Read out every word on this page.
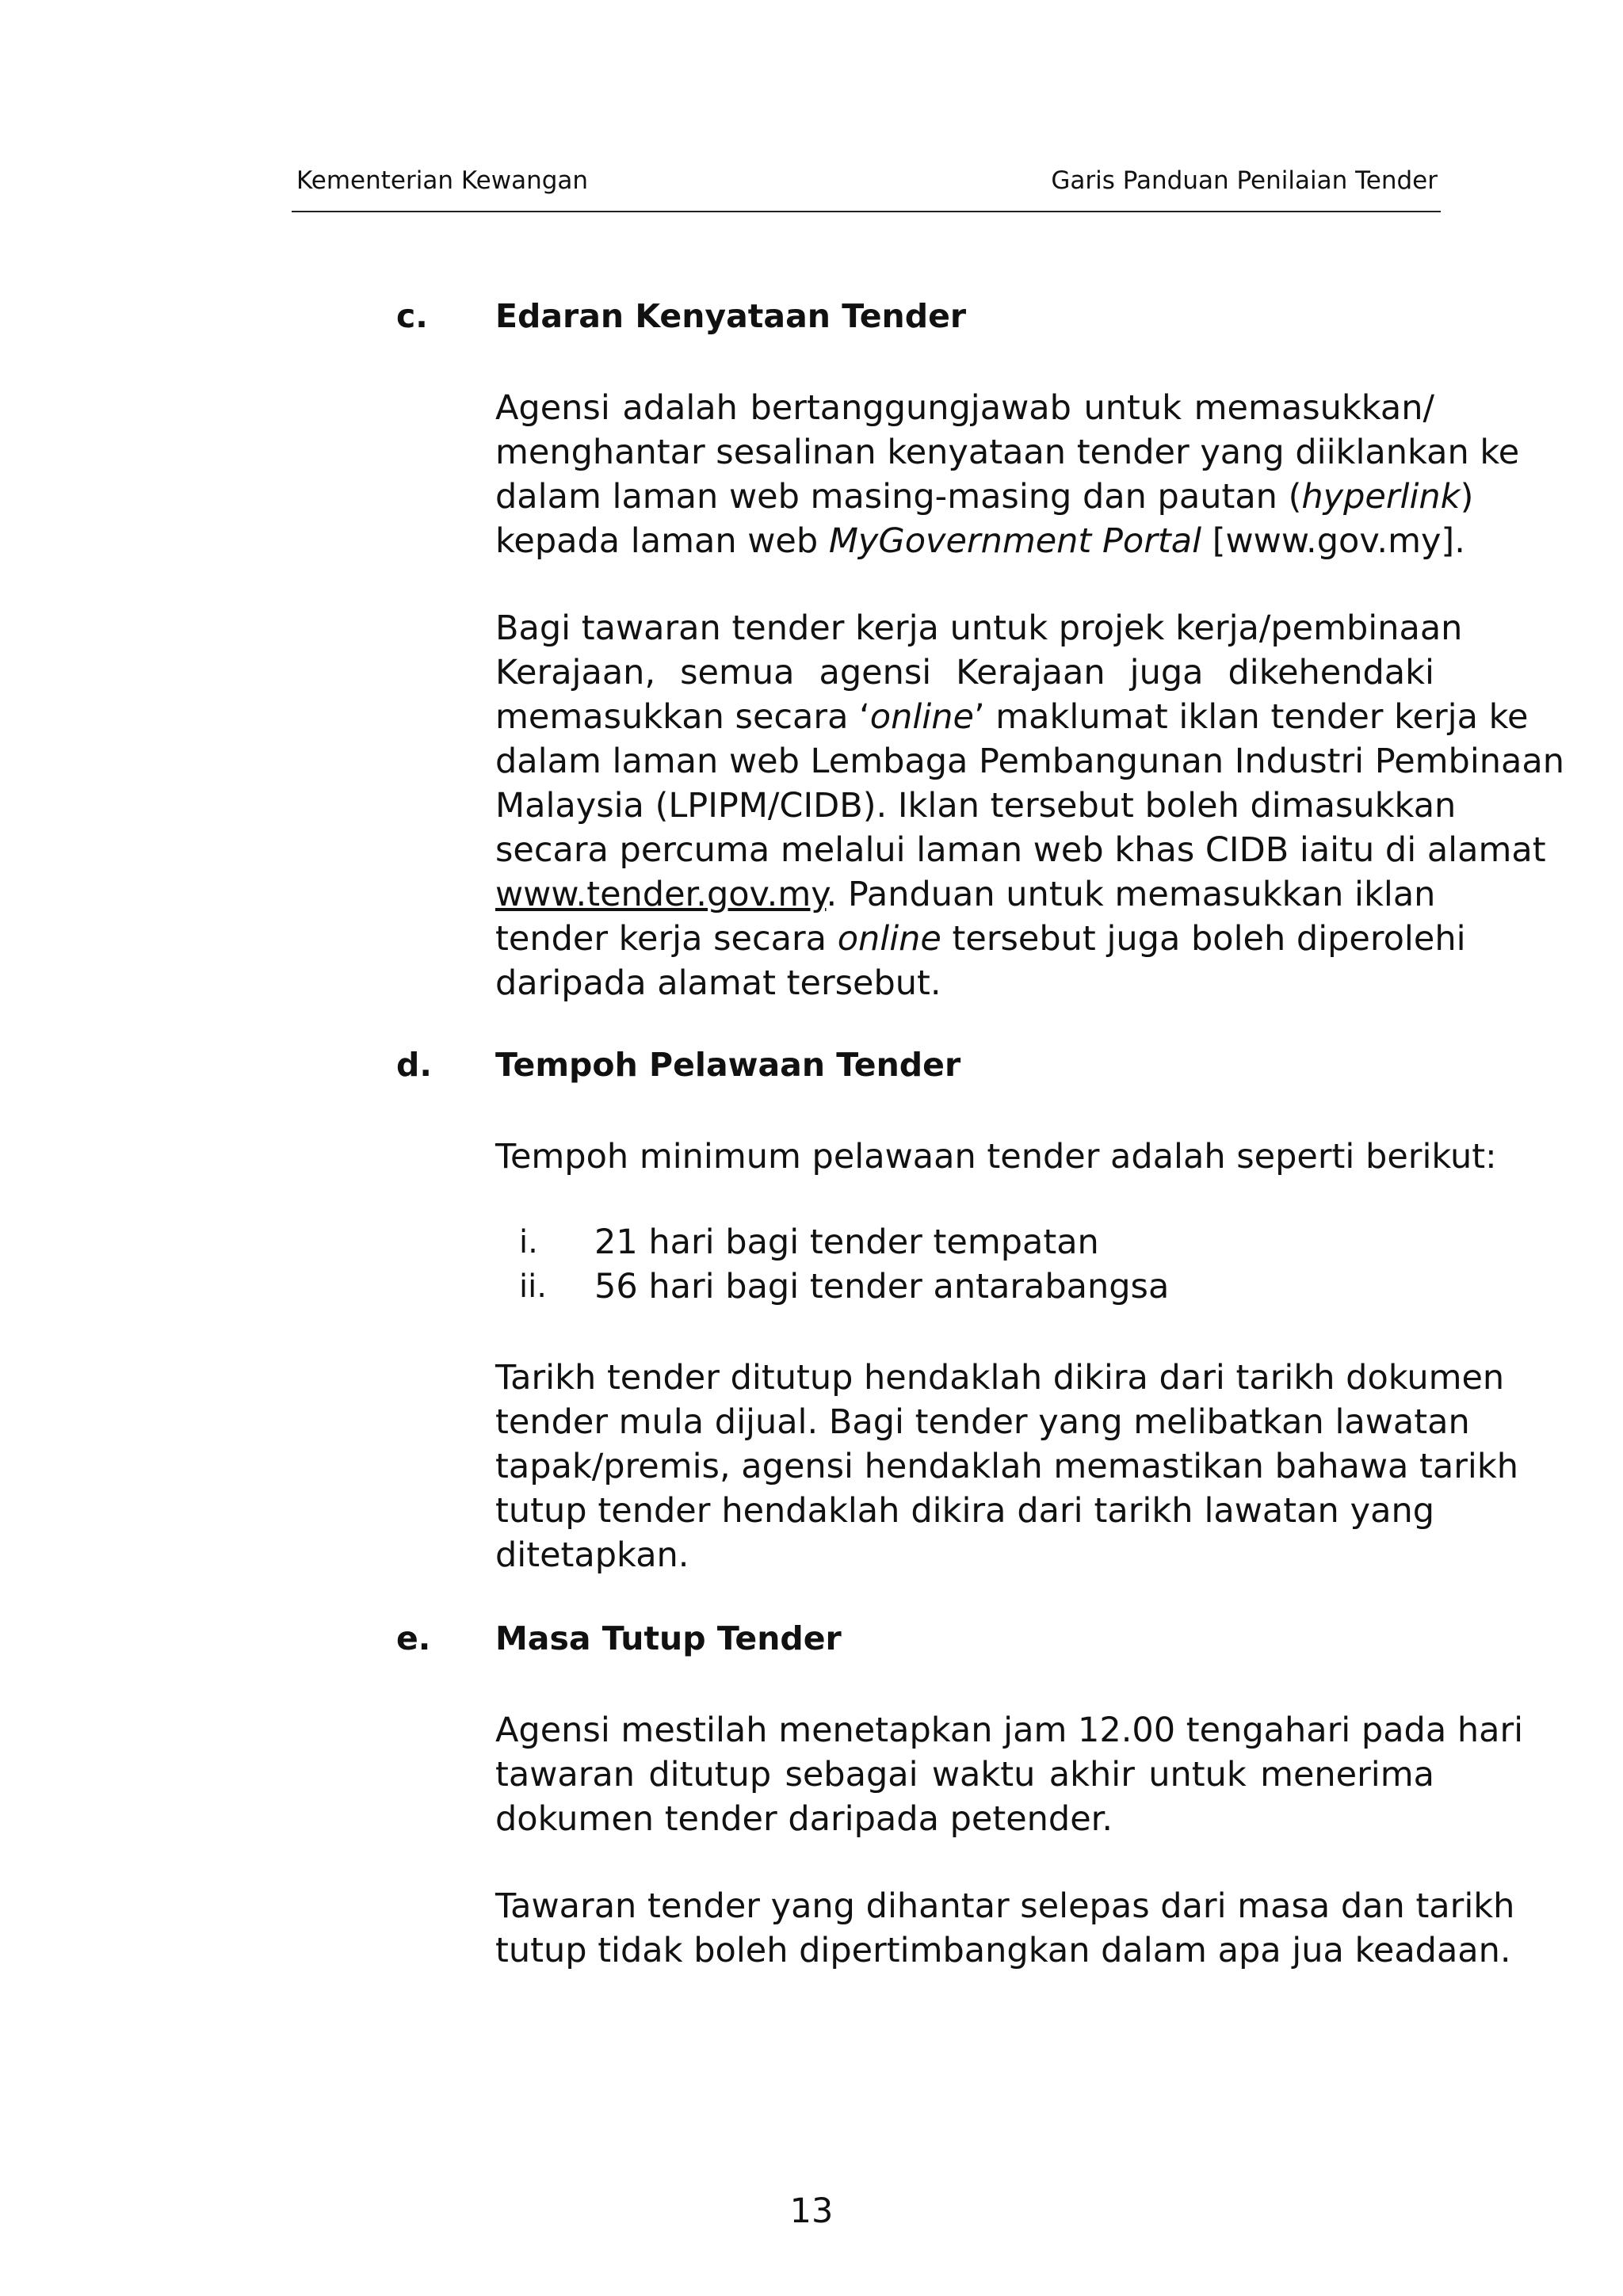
Kementerian Kewangan	Garis Panduan Penilaian Tender
c. Edaran Kenyataan Tender
Agensi adalah bertanggungjawab untuk memasukkan/
menghantar sesalinan kenyataan tender yang diiklankan ke
dalam laman web masing-masing dan pautan (hyperlink)
kepada laman web MyGovernment Portal [www.gov.my].
Bagi tawaran tender kerja untuk projek kerja/pembinaan
Kerajaan, semua agensi Kerajaan juga dikehendaki
memasukkan secara ‘online’ maklumat iklan tender kerja ke
dalam laman web Lembaga Pembangunan Industri Pembinaan
Malaysia (LPIPM/CIDB). Iklan tersebut boleh dimasukkan
secara percuma melalui laman web khas CIDB iaitu di alamat
www.tender.gov.my. Panduan untuk memasukkan iklan
tender kerja secara online tersebut juga boleh diperolehi
daripada alamat tersebut.
d. Tempoh Pelawaan Tender
Tempoh minimum pelawaan tender adalah seperti berikut:
i. 21 hari bagi tender tempatan
ii. 56 hari bagi tender antarabangsa
Tarikh tender ditutup hendaklah dikira dari tarikh dokumen
tender mula dijual. Bagi tender yang melibatkan lawatan
tapak/premis, agensi hendaklah memastikan bahawa tarikh
tutup tender hendaklah dikira dari tarikh lawatan yang
ditetapkan.
e. Masa Tutup Tender
Agensi mestilah menetapkan jam 12.00 tengahari pada hari
tawaran ditutup sebagai waktu akhir untuk menerima
dokumen tender daripada petender.
Tawaran tender yang dihantar selepas dari masa dan tarikh
tutup tidak boleh dipertimbangkan dalam apa jua keadaan.
13
